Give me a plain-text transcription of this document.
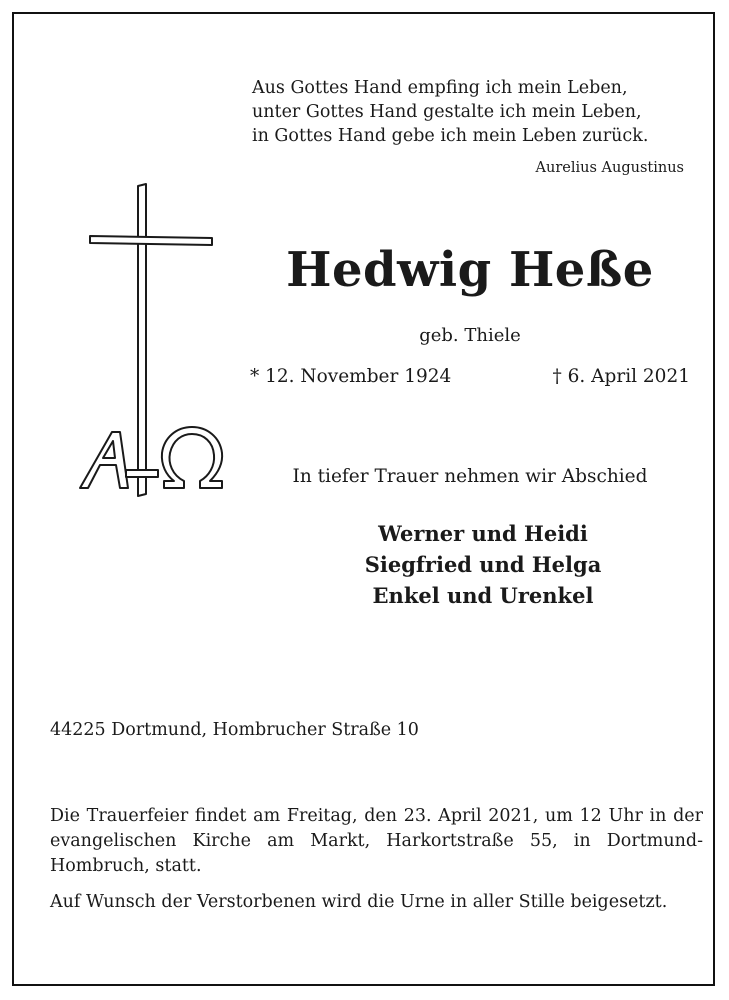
Aus Gottes Hand empfing ich mein Leben,
unter Gottes Hand gestalte ich mein Leben,
in Gottes Hand gebe ich mein Leben zurück.
Aurelius Augustinus
Hedwig Heße
geb. Thiele
* 12. November 1924	† 6. April 2021
In tiefer Trauer nehmen wir Abschied
Werner und Heidi
Siegfried und Helga
Enkel und Urenkel
44225 Dortmund, Hombrucher Straße 10
Die Trauerfeier findet am Freitag, den 23. April 2021, um 12 Uhr in der evangelischen Kirche am Markt, Harkortstraße 55, in Dortmund-Hombruch, statt.
Auf Wunsch der Verstorbenen wird die Urne in aller Stille beigesetzt.
